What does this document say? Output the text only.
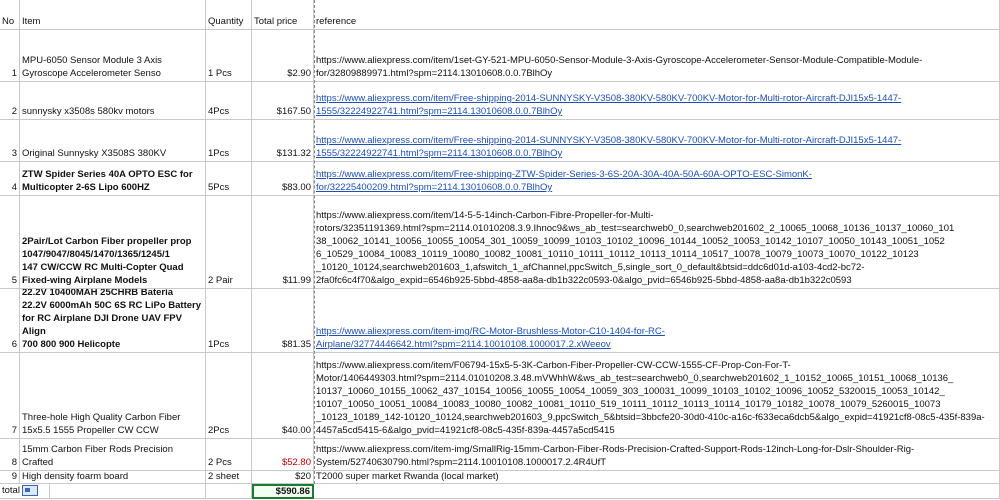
No Item	Quantity	Total price	reference
1
MPU-6050 Sensor Module 3 Axis
Gyroscope Accelerometer Senso	1 Pcs	$2.90
https://www.aliexpress.com/item/1set-GY-521-MPU-6050-Sensor-Module-3-Axis-Gyroscope-Accelerometer-Sensor-Module-Compatible-Module-
for/32809889971.html?spm=2114.13010608.0.0.7BlhOy
2 sunnysky x3508s 580kv motors	4Pcs	$167.50
https://www.aliexpress.com/item/Free-shipping-2014-SUNNYSKY-V3508-380KV-580KV-700KV-Motor-for-Multi-rotor-Aircraft-DJI15x5-1447-
1555/32224922741.html?spm=2114.13010608.0.0.7BlhOy
3 Original Sunnysky X3508S 380KV	1Pcs	$131.32
https://www.aliexpress.com/item/Free-shipping-2014-SUNNYSKY-V3508-380KV-580KV-700KV-Motor-for-Multi-rotor-Aircraft-DJI15x5-1447-
1555/32224922741.html?spm=2114.13010608.0.0.7BlhOy
4
ZTW Spider Series 40A OPTO ESC for
Multicopter 2-6S Lipo 600HZ	5Pcs	$83.00
https://www.aliexpress.com/item/Free-shipping-ZTW-Spider-Series-3-6S-20A-30A-40A-50A-60A-OPTO-ESC-SimonK-
for/32225400209.html?spm=2114.13010608.0.0.7BlhOy
5
2Pair/Lot Carbon Fiber propeller prop
1047/9047/8045/1470/1365/1245/1
147 CW/CCW RC Multi-Copter Quad
Fixed-wing Airplane Models	2 Pair	$11.99
https://www.aliexpress.com/item/14-5-5-14inch-Carbon-Fibre-Propeller-for-Multi-
rotors/32351191369.html?spm=2114.01010208.3.9.Ihnoc9&ws_ab_test=searchweb0_0,searchweb201602_2_10065_10068_10136_10137_10060_101
38_10062_10141_10056_10055_10054_301_10059_10099_10103_10102_10096_10144_10052_10053_10142_10107_10050_10143_10051_1052
6_10529_10084_10083_10119_10080_10082_10081_10110_10111_10112_10113_10114_10517_10078_10079_10073_10070_10122_10123
_10120_10124,searchweb201603_1,afswitch_1_afChannel,ppcSwitch_5,single_sort_0_default&btsid=ddc6d01d-a103-4cd2-bc72-
2fa0fc6c4f70&algo_expid=6546b925-5bbd-4858-aa8a-db1b322c0593-0&algo_pvid=6546b925-5bbd-4858-aa8a-db1b322c0593
6
22.2V 10400MAH 25CHRB Bateria
22.2V 6000mAh 50C 6S RC LiPo Battery
for RC Airplane DJI Drone UAV FPV Align
700 800 900 Helicopte	1Pcs	$81.35
https://www.aliexpress.com/item-img/RC-Motor-Brushless-Motor-C10-1404-for-RC-
Airplane/32774446642.html?spm=2114.10010108.1000017.2.xWeeov
7
Three-hole High Quality Carbon Fiber
15x5.5 1555 Propeller CW CCW	2Pcs	$40.00
https://www.aliexpress.com/item/F06794-15x5-5-3K-Carbon-Fiber-Propeller-CW-CCW-1555-CF-Prop-Con-For-T-
Motor/1406449303.html?spm=2114.01010208.3.48.mVWhhW&ws_ab_test=searchweb0_0,searchweb201602_1_10152_10065_10151_10068_10136_
10137_10060_10155_10062_437_10154_10056_10055_10054_10059_303_100031_10099_10103_10102_10096_10052_5320015_10053_10142_
10107_10050_10051_10084_10083_10080_10082_10081_10110_519_10111_10112_10113_10114_10179_10182_10078_10079_5260015_10073
_10123_10189_142-10120_10124,searchweb201603_9,ppcSwitch_5&btsid=3bbcfe20-30d0-410c-a16c-f633eca6dcb5&algo_expid=41921cf8-08c5-435f-839a-
4457a5cd5415-6&algo_pvid=41921cf8-08c5-435f-839a-4457a5cd5415
8
15mm Carbon Fiber Rods Precision
Crafted	2 Pcs	$52.80
https://www.aliexpress.com/item-img/SmallRig-15mm-Carbon-Fiber-Rods-Precision-Crafted-Support-Rods-12inch-Long-for-Dslr-Shoulder-Rig-
System/52740630790.html?spm=2114.10010108.1000017.2.4R4UfT
9 High density foarm board	2 sheet	$20 T2000 super market Rwanda (local market)
total	$590.86
